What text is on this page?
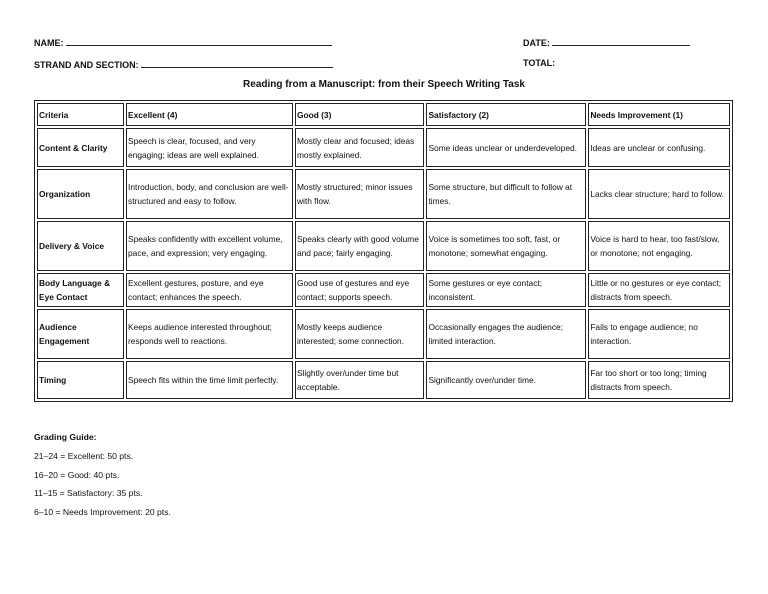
NAME:	DATE:
STRAND AND SECTION:	TOTAL:
Reading from a Manuscript: from their Speech Writing Task
Criteria	Excellent (4)	Good (3)	Satisfactory (2)	Needs Improvement (1)
Content & Clarity	Speech is clear, focused, and very engaging; ideas are well explained.	Mostly clear and focused; ideas mostly explained.	Some ideas unclear or underdeveloped.	Ideas are unclear or confusing.
Organization	Introduction, body, and conclusion are well-structured and easy to follow.	Mostly structured; minor issues with flow.	Some structure, but difficult to follow at times.	Lacks clear structure; hard to follow.
Delivery & Voice	Speaks confidently with excellent volume, pace, and expression; very engaging.	Speaks clearly with good volume and pace; fairly engaging.	Voice is sometimes too soft, fast, or monotone; somewhat engaging.	Voice is hard to hear, too fast/slow, or monotone; not engaging.
Body Language & Eye Contact	Excellent gestures, posture, and eye contact; enhances the speech.	Good use of gestures and eye contact; supports speech.	Some gestures or eye contact; inconsistent.	Little or no gestures or eye contact; distracts from speech.
Audience Engagement	Keeps audience interested throughout; responds well to reactions.	Mostly keeps audience interested; some connection.	Occasionally engages the audience; limited interaction.	Fails to engage audience; no interaction.
Timing	Speech fits within the time limit perfectly.	Slightly over/under time but acceptable.	Significantly over/under time.	Far too short or too long; timing distracts from speech.
Grading Guide:
21–24 = Excellent: 50 pts.
16–20 = Good: 40 pts.
11–15 = Satisfactory: 35 pts.
6–10 = Needs Improvement: 20 pts.
